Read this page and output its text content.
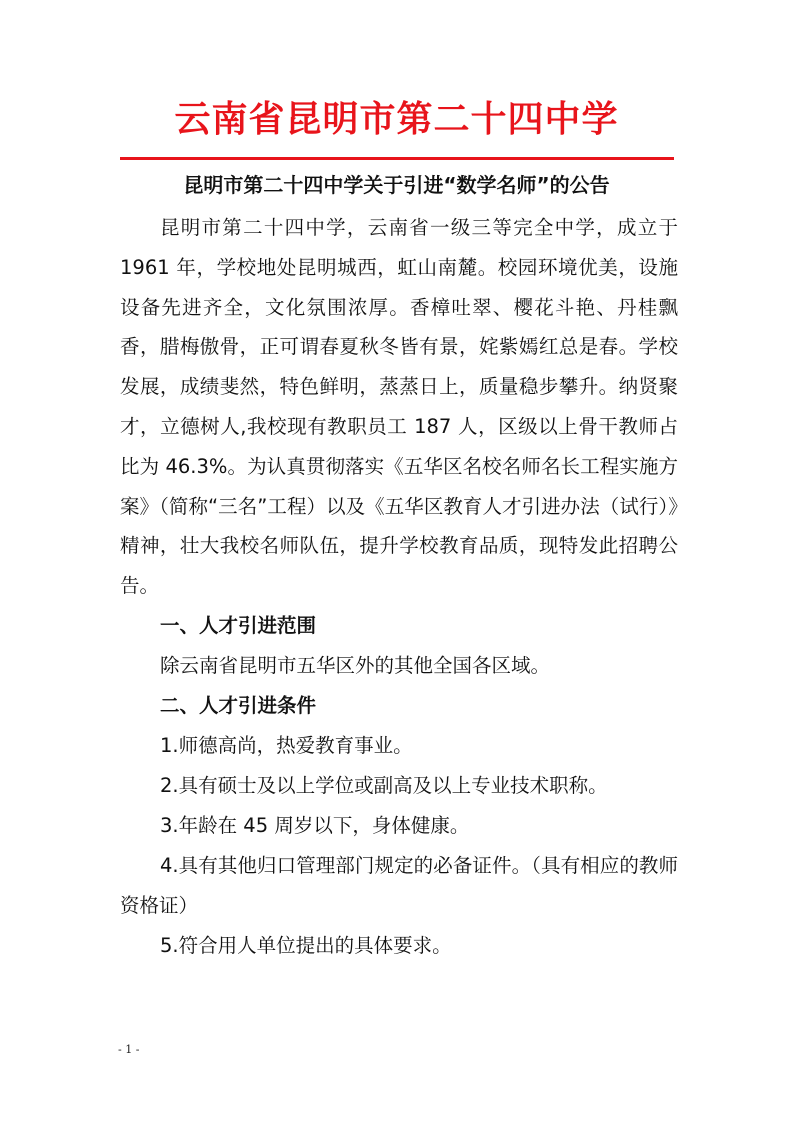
云南省昆明市第二十四中学
昆明市第二十四中学关于引进“数学名师”的公告

昆明市第二十四中学，云南省一级三等完全中学，成立于 1961 年，学校地处昆明城西，虹山南麓。校园环境优美，设施设备先进齐全，文化氛围浓厚。香樟吐翠、樱花斗艳、丹桂飘香，腊梅傲骨，正可谓春夏秋冬皆有景，姹紫嫣红总是春。学校发展，成绩斐然，特色鲜明，蒸蒸日上，质量稳步攀升。纳贤聚才，立德树人,我校现有教职员工 187 人，区级以上骨干教师占比为 46.3%。为认真贯彻落实《五华区名校名师名长工程实施方案》（简称“三名”工程）以及《五华区教育人才引进办法（试行）》精神，壮大我校名师队伍，提升学校教育品质，现特发此招聘公告。

一、人才引进范围

除云南省昆明市五华区外的其他全国各区域。

二、人才引进条件

1.师德高尚，热爱教育事业。

2.具有硕士及以上学位或副高及以上专业技术职称。

3.年龄在 45 周岁以下，身体健康。

4.具有其他归口管理部门规定的必备证件。（具有相应的教师资格证）

5.符合用人单位提出的具体要求。

- 1 -
